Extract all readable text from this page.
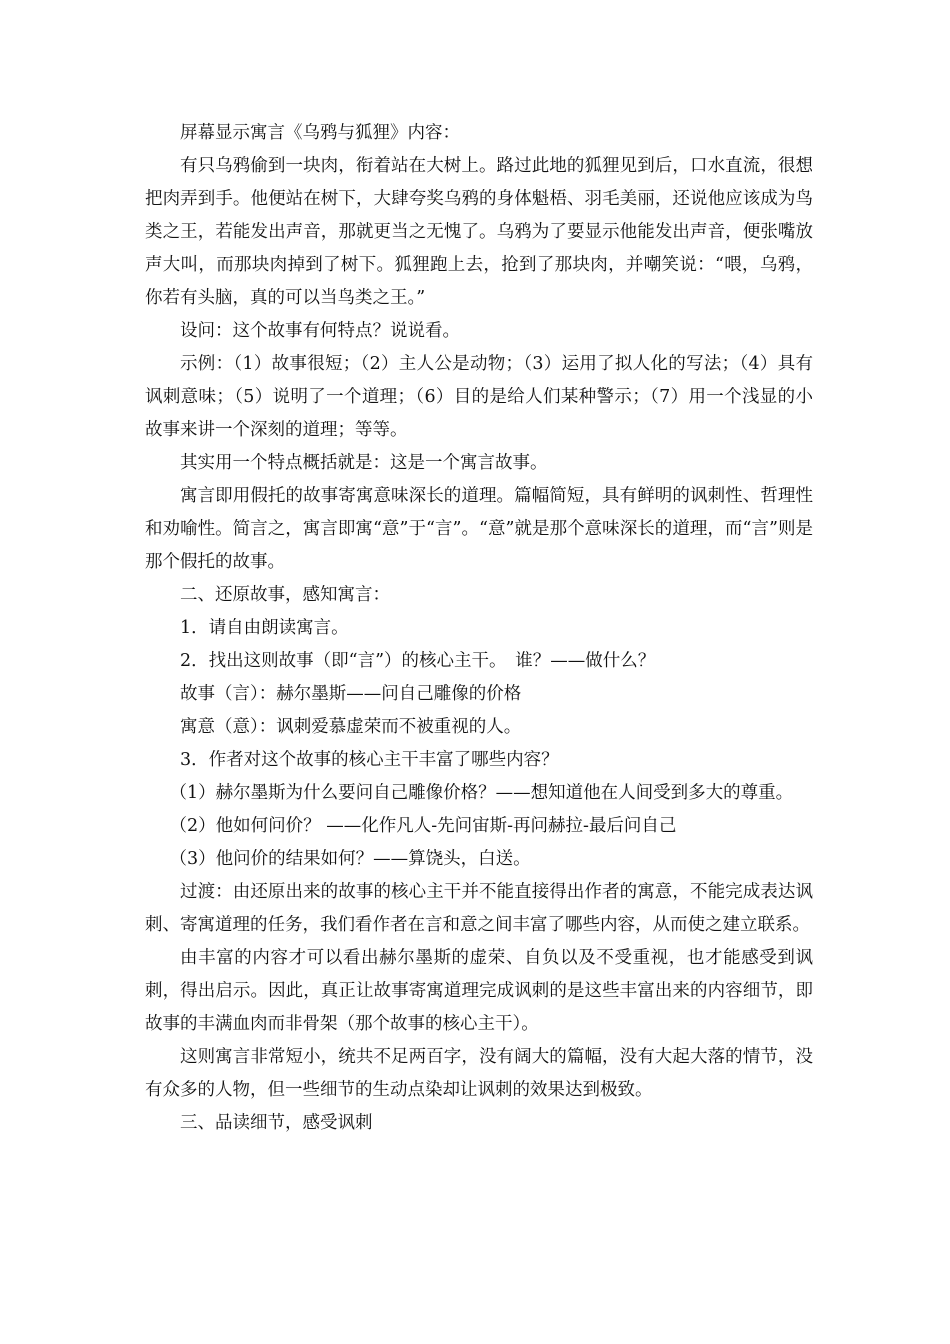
屏幕显示寓言《乌鸦与狐狸》内容：

有只乌鸦偷到一块肉，衔着站在大树上。路过此地的狐狸见到后，口水直流，很想把肉弄到手。他便站在树下，大肆夸奖乌鸦的身体魁梧、羽毛美丽，还说他应该成为鸟类之王，若能发出声音，那就更当之无愧了。乌鸦为了要显示他能发出声音，便张嘴放声大叫，而那块肉掉到了树下。狐狸跑上去，抢到了那块肉，并嘲笑说：“喂，乌鸦，你若有头脑，真的可以当鸟类之王。”

设问：这个故事有何特点？说说看。

示例：（1）故事很短；（2）主人公是动物；（3）运用了拟人化的写法；（4）具有讽刺意味；（5）说明了一个道理；（6）目的是给人们某种警示；（7）用一个浅显的小故事来讲一个深刻的道理；等等。

其实用一个特点概括就是：这是一个寓言故事。

寓言即用假托的故事寄寓意味深长的道理。篇幅简短，具有鲜明的讽刺性、哲理性和劝喻性。简言之，寓言即寓“意”于“言”。“意”就是那个意味深长的道理，而“言”则是那个假托的故事。

二、还原故事，感知寓言：

1．请自由朗读寓言。

2．找出这则故事（即“言”）的核心主干。　谁？——做什么？

故事（言）：赫尔墨斯——问自己雕像的价格

寓意（意）：讽刺爱慕虚荣而不被重视的人。

3．作者对这个故事的核心主干丰富了哪些内容？

（1）赫尔墨斯为什么要问自己雕像价格？——想知道他在人间受到多大的尊重。

（2）他如何问价？ ——化作凡人-先问宙斯-再问赫拉-最后问自己

（3）他问价的结果如何？——算饶头，白送。

过渡：由还原出来的故事的核心主干并不能直接得出作者的寓意，不能完成表达讽刺、寄寓道理的任务，我们看作者在言和意之间丰富了哪些内容，从而使之建立联系。

由丰富的内容才可以看出赫尔墨斯的虚荣、自负以及不受重视，也才能感受到讽刺，得出启示。因此，真正让故事寄寓道理完成讽刺的是这些丰富出来的内容细节，即故事的丰满血肉而非骨架（那个故事的核心主干）。

这则寓言非常短小，统共不足两百字，没有阔大的篇幅，没有大起大落的情节，没有众多的人物，但一些细节的生动点染却让讽刺的效果达到极致。

三、品读细节，感受讽刺
